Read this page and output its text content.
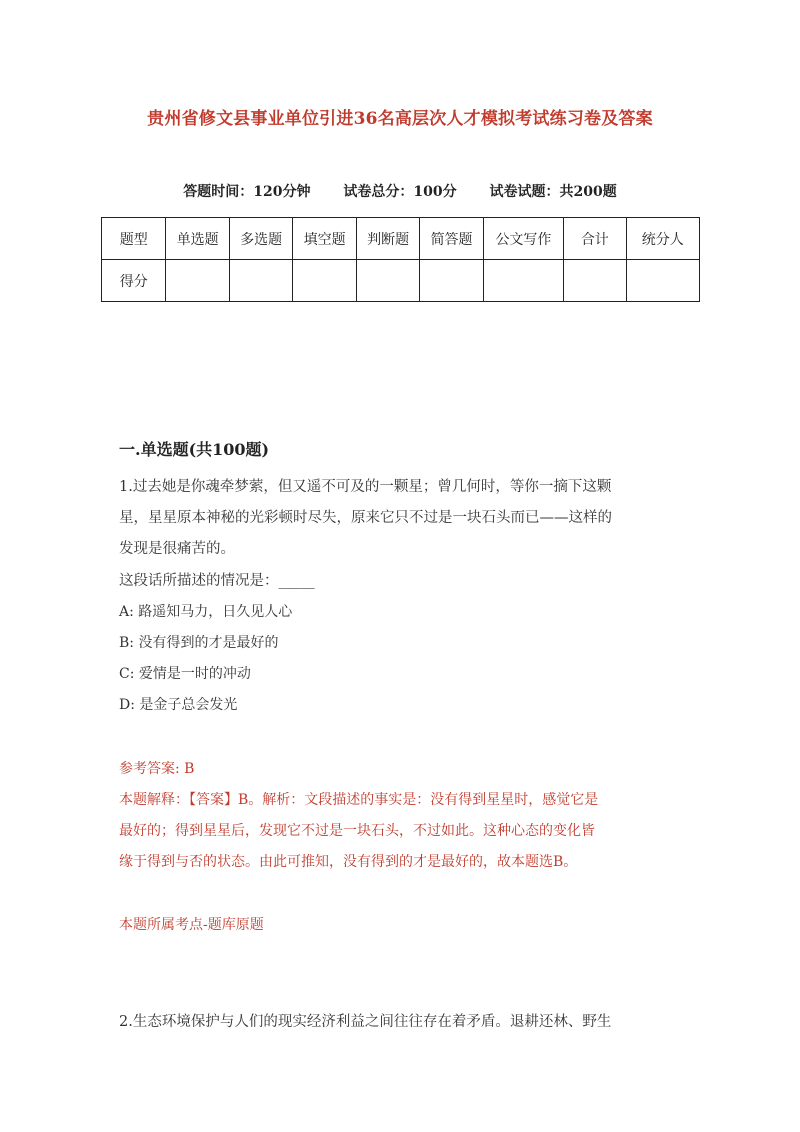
贵州省修文县事业单位引进36名高层次人才模拟考试练习卷及答案
答题时间：120分钟 试卷总分：100分 试卷试题：共200题
题型	单选题	多选题	填空题	判断题	简答题	公文写作	合计	统分人
得分								
一.单选题(共100题)
1.过去她是你魂牵梦萦，但又遥不可及的一颗星；曾几何时，等你一摘下这颗
星，星星原本神秘的光彩顿时尽失，原来它只不过是一块石头而已——这样的
发现是很痛苦的。
这段话所描述的情况是：_____
A: 路遥知马力，日久见人心
B: 没有得到的才是最好的
C: 爱情是一时的冲动
D: 是金子总会发光
参考答案: B
本题解释：【答案】B。解析：文段描述的事实是：没有得到星星时，感觉它是
最好的；得到星星后，发现它不过是一块石头，不过如此。这种心态的变化皆
缘于得到与否的状态。由此可推知，没有得到的才是最好的，故本题选B。
本题所属考点-题库原题
2.生态环境保护与人们的现实经济利益之间往往存在着矛盾。退耕还林、野生
